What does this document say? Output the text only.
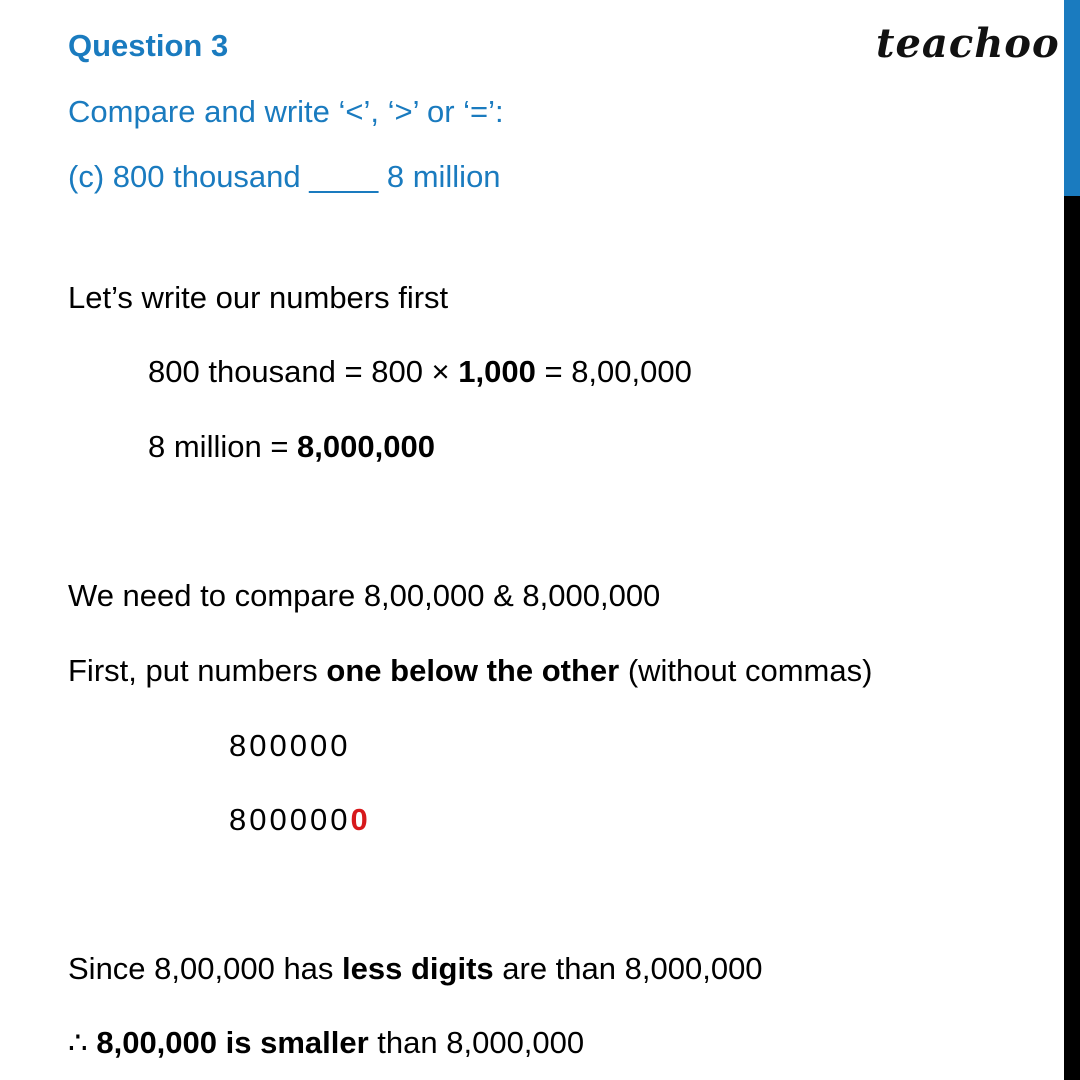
Question 3	teachoo
Compare and write ‘<’, ‘>’ or ‘=’:
(c) 800 thousand ____ 8 million
Let’s write our numbers first
800 thousand = 800 × 1,000 = 8,00,000
8 million = 8,000,000
We need to compare 8,00,000 & 8,000,000
First, put numbers one below the other (without commas)
800000
8000000
Since 8,00,000 has less digits are than 8,000,000
∴ 8,00,000 is smaller than 8,000,000
